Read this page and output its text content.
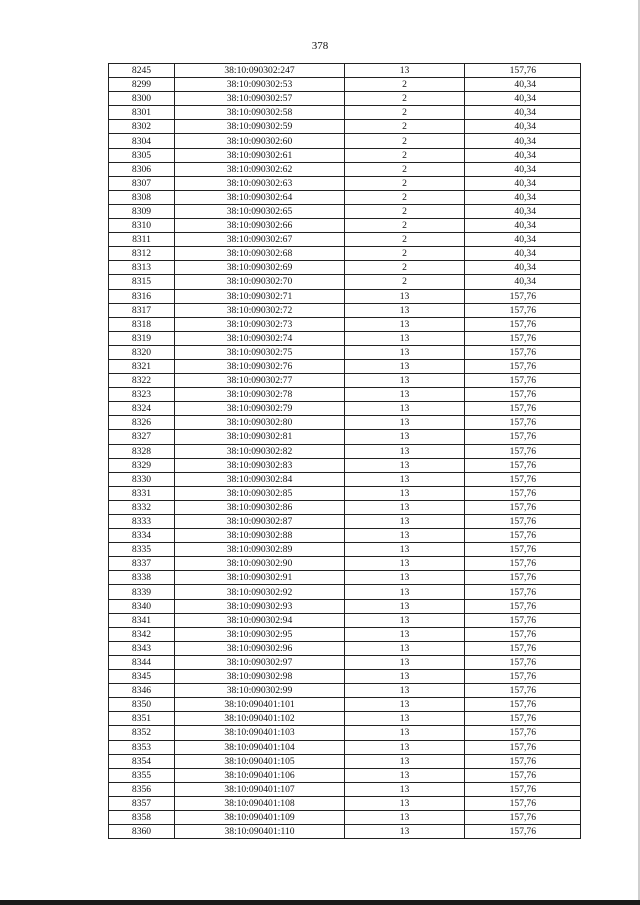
378
8245	38:10:090302:247	13	157,76
8299	38:10:090302:53	2	40,34
8300	38:10:090302:57	2	40,34
8301	38:10:090302:58	2	40,34
8302	38:10:090302:59	2	40,34
8304	38:10:090302:60	2	40,34
8305	38:10:090302:61	2	40,34
8306	38:10:090302:62	2	40,34
8307	38:10:090302:63	2	40,34
8308	38:10:090302:64	2	40,34
8309	38:10:090302:65	2	40,34
8310	38:10:090302:66	2	40,34
8311	38:10:090302:67	2	40,34
8312	38:10:090302:68	2	40,34
8313	38:10:090302:69	2	40,34
8315	38:10:090302:70	2	40,34
8316	38:10:090302:71	13	157,76
8317	38:10:090302:72	13	157,76
8318	38:10:090302:73	13	157,76
8319	38:10:090302:74	13	157,76
8320	38:10:090302:75	13	157,76
8321	38:10:090302:76	13	157,76
8322	38:10:090302:77	13	157,76
8323	38:10:090302:78	13	157,76
8324	38:10:090302:79	13	157,76
8326	38:10:090302:80	13	157,76
8327	38:10:090302:81	13	157,76
8328	38:10:090302:82	13	157,76
8329	38:10:090302:83	13	157,76
8330	38:10:090302:84	13	157,76
8331	38:10:090302:85	13	157,76
8332	38:10:090302:86	13	157,76
8333	38:10:090302:87	13	157,76
8334	38:10:090302:88	13	157,76
8335	38:10:090302:89	13	157,76
8337	38:10:090302:90	13	157,76
8338	38:10:090302:91	13	157,76
8339	38:10:090302:92	13	157,76
8340	38:10:090302:93	13	157,76
8341	38:10:090302:94	13	157,76
8342	38:10:090302:95	13	157,76
8343	38:10:090302:96	13	157,76
8344	38:10:090302:97	13	157,76
8345	38:10:090302:98	13	157,76
8346	38:10:090302:99	13	157,76
8350	38:10:090401:101	13	157,76
8351	38:10:090401:102	13	157,76
8352	38:10:090401:103	13	157,76
8353	38:10:090401:104	13	157,76
8354	38:10:090401:105	13	157,76
8355	38:10:090401:106	13	157,76
8356	38:10:090401:107	13	157,76
8357	38:10:090401:108	13	157,76
8358	38:10:090401:109	13	157,76
8360	38:10:090401:110	13	157,76
